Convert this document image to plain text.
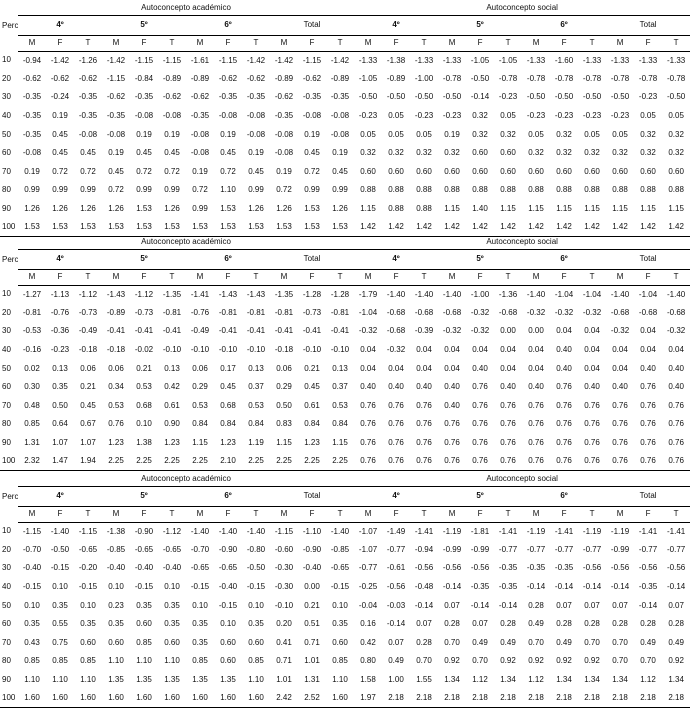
Perc	Autoconcepto académico												Autoconcepto social											
	4º			5º			6º			Total			4º			5º			6º			Total		
	M	F	T	M	F	T	M	F	T	M	F	T	M	F	T	M	F	T	M	F	T	M	F	T
10	-0.94	-1.42	-1.26	-1.42	-1.15	-1.15	-1.61	-1.15	-1.42	-1.42	-1.15	-1.42	-1.33	-1.38	-1.33	-1.33	-1.05	-1.05	-1.33	-1.60	-1.33	-1.33	-1.33	-1.33
20	-0.62	-0.62	-0.62	-1.15	-0.84	-0.89	-0.89	-0.62	-0.62	-0.89	-0.62	-0.89	-1.05	-0.89	-1.00	-0.78	-0.50	-0.78	-0.78	-0.78	-0.78	-0.78	-0.78	-0.78
30	-0.35	-0.24	-0.35	-0.62	-0.35	-0.62	-0.62	-0.35	-0.35	-0.62	-0.35	-0.35	-0.50	-0.50	-0.50	-0.50	-0.14	-0.23	-0.50	-0.50	-0.50	-0.50	-0.23	-0.50
40	-0.35	0.19	-0.35	-0.35	-0.08	-0.08	-0.35	-0.08	-0.08	-0.35	-0.08	-0.08	-0.23	0.05	-0.23	-0.23	0.32	0.05	-0.23	-0.23	-0.23	-0.23	0.05	0.05
50	-0.35	0.45	-0.08	-0.08	0.19	0.19	-0.08	0.19	-0.08	-0.08	0.19	-0.08	0.05	0.05	0.05	0.19	0.32	0.32	0.05	0.32	0.05	0.05	0.32	0.32
60	-0.08	0.45	0.45	0.19	0.45	0.45	-0.08	0.45	0.19	-0.08	0.45	0.19	0.32	0.32	0.32	0.32	0.60	0.60	0.32	0.32	0.32	0.32	0.32	0.32
70	0.19	0.72	0.72	0.45	0.72	0.72	0.19	0.72	0.45	0.19	0.72	0.45	0.60	0.60	0.60	0.60	0.60	0.60	0.60	0.60	0.60	0.60	0.60	0.60
80	0.99	0.99	0.99	0.72	0.99	0.99	0.72	1.10	0.99	0.72	0.99	0.99	0.88	0.88	0.88	0.88	0.88	0.88	0.88	0.88	0.88	0.88	0.88	0.88
90	1.26	1.26	1.26	1.26	1.53	1.26	0.99	1.53	1.26	1.26	1.53	1.26	1.15	0.88	0.88	1.15	1.40	1.15	1.15	1.15	1.15	1.15	1.15	1.15
100	1.53	1.53	1.53	1.53	1.53	1.53	1.53	1.53	1.53	1.53	1.53	1.53	1.42	1.42	1.42	1.42	1.42	1.42	1.42	1.42	1.42	1.42	1.42	1.42
Perc	Autoconcepto académico												Autoconcepto social											
	4º			5º			6º			Total			4º			5º			6º			Total		
	M	F	T	M	F	T	M	F	T	M	F	T	M	F	T	M	F	T	M	F	T	M	F	T
10	-1.27	-1.13	-1.12	-1.43	-1.12	-1.35	-1.41	-1.43	-1.43	-1.35	-1.28	-1.28	-1.79	-1.40	-1.40	-1.40	-1.00	-1.36	-1.40	-1.04	-1.04	-1.40	-1.04	-1.40
20	-0.81	-0.76	-0.73	-0.89	-0.73	-0.81	-0.76	-0.81	-0.81	-0.81	-0.73	-0.81	-1.04	-0.68	-0.68	-0.68	-0.32	-0.68	-0.32	-0.32	-0.32	-0.68	-0.68	-0.68
30	-0.53	-0.36	-0.49	-0.41	-0.41	-0.41	-0.49	-0.41	-0.41	-0.41	-0.41	-0.41	-0.32	-0.68	-0.39	-0.32	-0.32	0.00	0.00	0.04	0.04	-0.32	0.04	-0.32
40	-0.16	-0.23	-0.18	-0.18	-0.02	-0.10	-0.10	-0.10	-0.10	-0.18	-0.10	-0.10	0.04	-0.32	0.04	0.04	0.04	0.04	0.04	0.40	0.04	0.04	0.04	0.04
50	0.02	0.13	0.06	0.06	0.21	0.13	0.06	0.17	0.13	0.06	0.21	0.13	0.04	0.04	0.04	0.04	0.40	0.04	0.04	0.40	0.04	0.04	0.40	0.40
60	0.30	0.35	0.21	0.34	0.53	0.42	0.29	0.45	0.37	0.29	0.45	0.37	0.40	0.40	0.40	0.40	0.76	0.40	0.40	0.76	0.40	0.40	0.76	0.40
70	0.48	0.50	0.45	0.53	0.68	0.61	0.53	0.68	0.53	0.50	0.61	0.53	0.76	0.76	0.76	0.40	0.76	0.76	0.76	0.76	0.76	0.76	0.76	0.76
80	0.85	0.64	0.67	0.76	0.10	0.90	0.84	0.84	0.84	0.83	0.84	0.84	0.76	0.76	0.76	0.76	0.76	0.76	0.76	0.76	0.76	0.76	0.76	0.76
90	1.31	1.07	1.07	1.23	1.38	1.23	1.15	1.23	1.19	1.15	1.23	1.15	0.76	0.76	0.76	0.76	0.76	0.76	0.76	0.76	0.76	0.76	0.76	0.76
100	2.32	1.47	1.94	2.25	2.25	2.25	2.25	2.10	2.25	2.25	2.25	2.25	0.76	0.76	0.76	0.76	0.76	0.76	0.76	0.76	0.76	0.76	0.76	0.76
Perc	Autoconcepto académico												Autoconcepto social											
	4º			5º			6º			Total			4º			5º			6º			Total		
	M	F	T	M	F	T	M	F	T	M	F	T	M	F	T	M	F	T	M	F	T	M	F	T
10	-1.15	-1.40	-1.15	-1.38	-0.90	-1.12	-1.40	-1.40	-1.40	-1.15	-1.10	-1.40	-1.07	-1.49	-1.41	-1.19	-1.81	-1.41	-1.19	-1.41	-1.19	-1.19	-1.41	-1.41
20	-0.70	-0.50	-0.65	-0.85	-0.65	-0.65	-0.70	-0.90	-0.80	-0.60	-0.90	-0.85	-1.07	-0.77	-0.94	-0.99	-0.99	-0.77	-0.77	-0.77	-0.77	-0.99	-0.77	-0.77
30	-0.40	-0.15	-0.20	-0.40	-0.40	-0.40	-0.65	-0.65	-0.50	-0.30	-0.40	-0.65	-0.77	-0.61	-0.56	-0.56	-0.56	-0.35	-0.35	-0.35	-0.56	-0.56	-0.56	-0.56
40	-0.15	0.10	-0.15	0.10	-0.15	0.10	-0.15	-0.40	-0.15	-0.30	0.00	-0.15	-0.25	-0.56	-0.48	-0.14	-0.35	-0.35	-0.14	-0.14	-0.14	-0.14	-0.35	-0.14
50	0.10	0.35	0.10	0.23	0.35	0.35	0.10	-0.15	0.10	-0.10	0.21	0.10	-0.04	-0.03	-0.14	0.07	-0.14	-0.14	0.28	0.07	0.07	0.07	-0.14	0.07
60	0.35	0.55	0.35	0.35	0.60	0.35	0.35	0.10	0.35	0.20	0.51	0.35	0.16	-0.14	0.07	0.28	0.07	0.28	0.49	0.28	0.28	0.28	0.28	0.28
70	0.43	0.75	0.60	0.60	0.85	0.60	0.35	0.60	0.60	0.41	0.71	0.60	0.42	0.07	0.28	0.70	0.49	0.49	0.70	0.49	0.70	0.70	0.49	0.49
80	0.85	0.85	0.85	1.10	1.10	1.10	0.85	0.60	0.85	0.71	1.01	0.85	0.80	0.49	0.70	0.92	0.70	0.92	0.92	0.92	0.92	0.70	0.70	0.92
90	1.10	1.10	1.10	1.35	1.35	1.35	1.35	1.35	1.10	1.01	1.31	1.10	1.58	1.00	1.55	1.34	1.12	1.34	1.12	1.34	1.34	1.34	1.12	1.34
100	1.60	1.60	1.60	1.60	1.60	1.60	1.60	1.60	1.60	2.42	2.52	1.60	1.97	2.18	2.18	2.18	2.18	2.18	2.18	2.18	2.18	2.18	2.18	2.18
